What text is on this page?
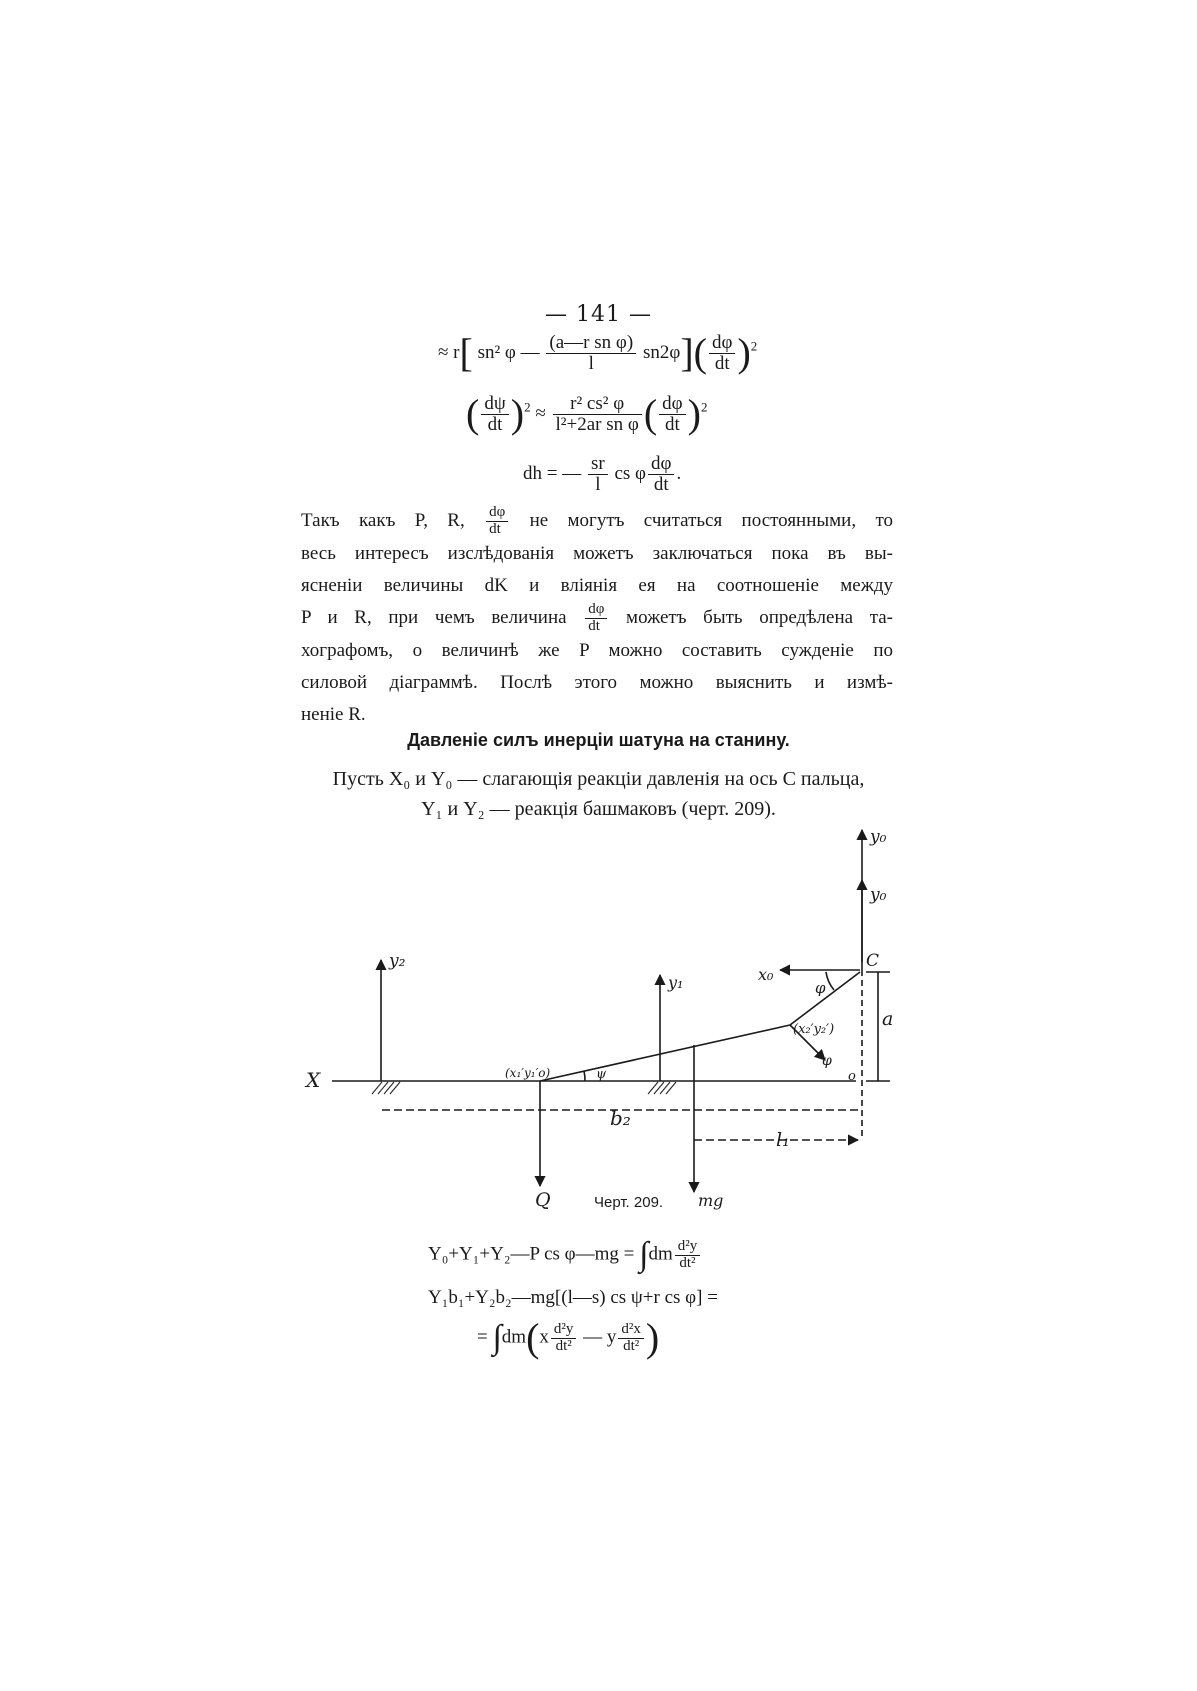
— 141 —
≈ r[ sn² φ — $\frac{\text{(a—r sn φ)}}{l} sn2\varphi]( \frac{d\varphi}{dt} )^2$
( $\frac{d\psi}{dt} )^2 \approx \frac{\text{r² cs² φ}}{\text{l²+2ar sn φ}}$ ( $\frac{d\varphi}{dt} )^2$
dh = — $\frac{sr}{l}$ cs φ $\frac{d\varphi}{dt}$ .
Такъ какъ P, R, $\frac{d\varphi}{dt}$ не могутъ считаться постоянными, то
весь интересъ изслѣдованія можетъ заключаться пока въ вы-
ясненіи величины dK и вліянія ея на соотношеніе между
P и R, при чемъ величина $\frac{d\varphi}{dt}$ можетъ быть опредѣлена та-
хографомъ, о величинѣ же P можно составить сужденіе по
силовой діаграммѣ. Послѣ этого можно выяснить и измѣ-
неніе R.
Давленіе силъ инерціи шатуна на станину.
Пусть X₀ и Y₀ — слагающія реакціи давленія на ось C пальца,
Y₁ и Y₂ — реакція башмаковъ (черт. 209).
y₀
y₀
C
x₀
φ
a
(x₂′y₂′)
φ
o
y₂
y₁
X	(x₁′y₁′o)	ψ
b₂
l₁
Q	mg
Черт. 209.
Y₀+Y₁+Y₂—P cs φ—mg = $\int dm \frac{\text{d²y}}{\text{dt²}}$
Y₁b₁+Y₂b₂—mg[(l—s) cs ψ+r cs φ] =
= $\int dm(x \frac{\text{d²y}}{\text{dt²}}$ — y $\frac{\text{d²x}}{\text{dt²}}$ )
